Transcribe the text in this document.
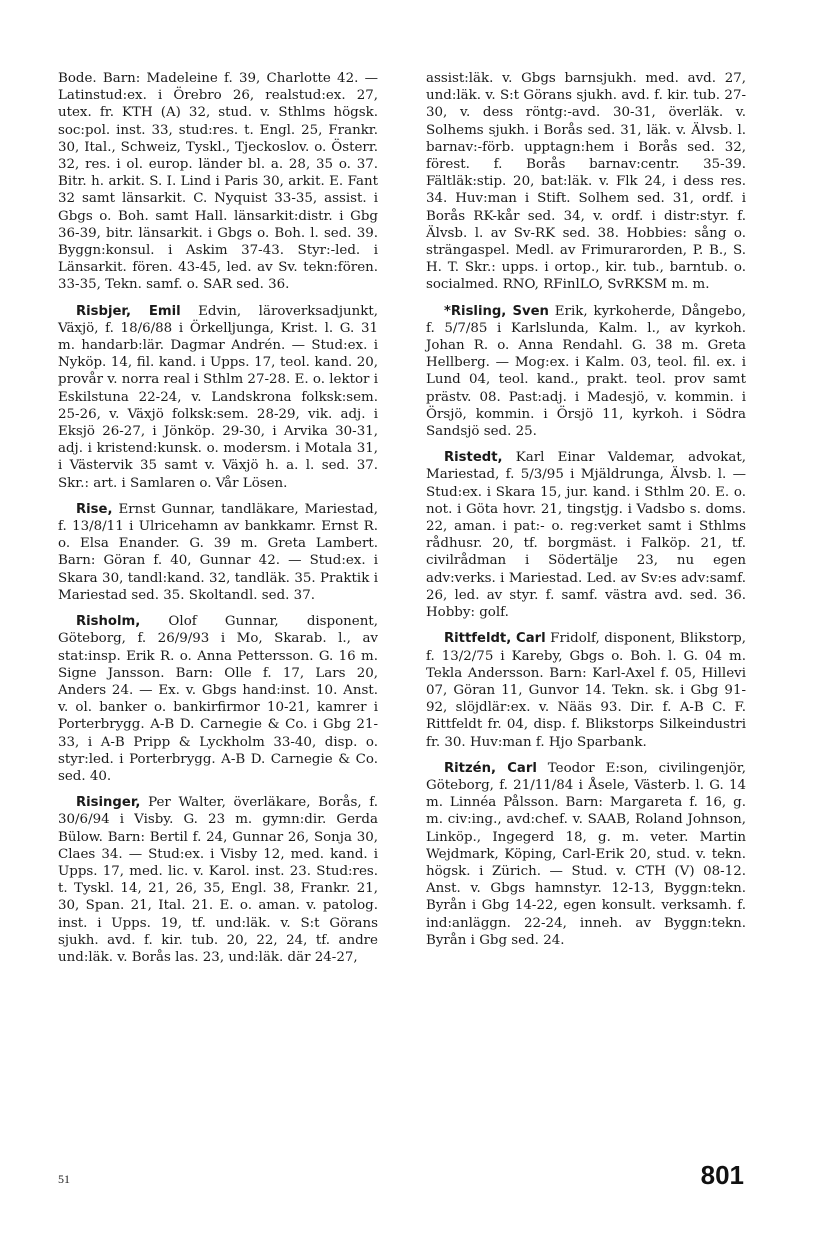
Bode. Barn: Madeleine f. 39, Charlotte 42. — Latinstud:ex. i Örebro 26, realstud:ex. 27, utex. fr. KTH (A) 32, stud. v. Sthlms högsk. soc:pol. inst. 33, stud:res. t. Engl. 25, Frankr. 30, Ital., Schweiz, Tyskl., Tjeckoslov. o. Österr. 32, res. i ol. europ. länder bl. a. 28, 35 o. 37. Bitr. h. arkit. S. I. Lind i Paris 30, arkit. E. Fant 32 samt länsarkit. C. Nyquist 33-35, assist. i Gbgs o. Boh. samt Hall. länsarkit:distr. i Gbg 36-39, bitr. länsarkit. i Gbgs o. Boh. l. sed. 39. Byggn:konsul. i Askim 37-43. Styr:-led. i Länsarkit. fören. 43-45, led. av Sv. tekn:fören. 33-35, Tekn. samf. o. SAR sed. 36.

Risbjer, Emil Edvin, läroverksadjunkt, Växjö, f. 18/6/88 i Örkelljunga, Krist. l. G. 31 m. handarb:lär. Dagmar Andrén. — Stud:ex. i Nyköp. 14, fil. kand. i Upps. 17, teol. kand. 20, provår v. norra real i Sthlm 27-28. E. o. lektor i Eskilstuna 22-24, v. Landskrona folksk:sem. 25-26, v. Växjö folksk:sem. 28-29, vik. adj. i Eksjö 26-27, i Jönköp. 29-30, i Arvika 30-31, adj. i kristend:kunsk. o. modersm. i Motala 31, i Västervik 35 samt v. Växjö h. a. l. sed. 37. Skr.: art. i Samlaren o. Vår Lösen.

Rise, Ernst Gunnar, tandläkare, Mariestad, f. 13/8/11 i Ulricehamn av bankkamr. Ernst R. o. Elsa Enander. G. 39 m. Greta Lambert. Barn: Göran f. 40, Gunnar 42. — Stud:ex. i Skara 30, tandl:kand. 32, tandläk. 35. Praktik i Mariestad sed. 35. Skoltandl. sed. 37.

Risholm, Olof Gunnar, disponent, Göteborg, f. 26/9/93 i Mo, Skarab. l., av stat:insp. Erik R. o. Anna Pettersson. G. 16 m. Signe Jansson. Barn: Olle f. 17, Lars 20, Anders 24. — Ex. v. Gbgs hand:inst. 10. Anst. v. ol. banker o. bankirfirmor 10-21, kamrer i Porterbrygg. A-B D. Carnegie & Co. i Gbg 21-33, i A-B Pripp & Lyckholm 33-40, disp. o. styr:led. i Porterbrygg. A-B D. Carnegie & Co. sed. 40.

Risinger, Per Walter, överläkare, Borås, f. 30/6/94 i Visby. G. 23 m. gymn:dir. Gerda Bülow. Barn: Bertil f. 24, Gunnar 26, Sonja 30, Claes 34. — Stud:ex. i Visby 12, med. kand. i Upps. 17, med. lic. v. Karol. inst. 23. Stud:res. t. Tyskl. 14, 21, 26, 35, Engl. 38, Frankr. 21, 30, Span. 21, Ital. 21. E. o. aman. v. patolog. inst. i Upps. 19, tf. und:läk. v. S:t Görans sjukh. avd. f. kir. tub. 20, 22, 24, tf. andre und:läk. v. Borås las. 23, und:läk. där 24-27,

assist:läk. v. Gbgs barnsjukh. med. avd. 27, und:läk. v. S:t Görans sjukh. avd. f. kir. tub. 27-30, v. dess röntg:-avd. 30-31, överläk. v. Solhems sjukh. i Borås sed. 31, läk. v. Älvsb. l. barnav:-förb. upptagn:hem i Borås sed. 32, förest. f. Borås barnav:centr. 35-39. Fältläk:stip. 20, bat:läk. v. Flk 24, i dess res. 34. Huv:man i Stift. Solhem sed. 31, ordf. i Borås RK-kår sed. 34, v. ordf. i distr:styr. f. Älvsb. l. av Sv-RK sed. 38. Hobbies: sång o. strängaspel. Medl. av Frimurarorden, P. B., S. H. T. Skr.: upps. i ortop., kir. tub., barntub. o. socialmed. RNO, RFinlLO, SvRKSM m. m.

*Risling, Sven Erik, kyrkoherde, Dångebo, f. 5/7/85 i Karlslunda, Kalm. l., av kyrkoh. Johan R. o. Anna Rendahl. G. 38 m. Greta Hellberg. — Mog:ex. i Kalm. 03, teol. fil. ex. i Lund 04, teol. kand., prakt. teol. prov samt prästv. 08. Past:adj. i Madesjö, v. kommin. i Örsjö, kommin. i Örsjö 11, kyrkoh. i Södra Sandsjö sed. 25.

Ristedt, Karl Einar Valdemar, advokat, Mariestad, f. 5/3/95 i Mjäldrunga, Älvsb. l. — Stud:ex. i Skara 15, jur. kand. i Sthlm 20. E. o. not. i Göta hovr. 21, tingstjg. i Vadsbo s. doms. 22, aman. i pat:- o. reg:verket samt i Sthlms rådhusr. 20, tf. borgmäst. i Falköp. 21, tf. civilrådman i Södertälje 23, nu egen adv:verks. i Mariestad. Led. av Sv:es adv:samf. 26, led. av styr. f. samf. västra avd. sed. 36. Hobby: golf.

Rittfeldt, Carl Fridolf, disponent, Blikstorp, f. 13/2/75 i Kareby, Gbgs o. Boh. l. G. 04 m. Tekla Andersson. Barn: Karl-Axel f. 05, Hillevi 07, Göran 11, Gunvor 14. Tekn. sk. i Gbg 91-92, slöjdlär:ex. v. Nääs 93. Dir. f. A-B C. F. Rittfeldt fr. 04, disp. f. Blikstorps Silkeindustri fr. 30. Huv:man f. Hjo Sparbank.

Ritzén, Carl Teodor E:son, civilingenjör, Göteborg, f. 21/11/84 i Åsele, Västerb. l. G. 14 m. Linnéa Pålsson. Barn: Margareta f. 16, g. m. civ:ing., avd:chef. v. SAAB, Roland Johnson, Linköp., Ingegerd 18, g. m. veter. Martin Wejdmark, Köping, Carl-Erik 20, stud. v. tekn. högsk. i Zürich. — Stud. v. CTH (V) 08-12. Anst. v. Gbgs hamnstyr. 12-13, Byggn:tekn. Byrån i Gbg 14-22, egen konsult. verksamh. f. ind:anläggn. 22-24, inneh. av Byggn:tekn. Byrån i Gbg sed. 24.

51	801
